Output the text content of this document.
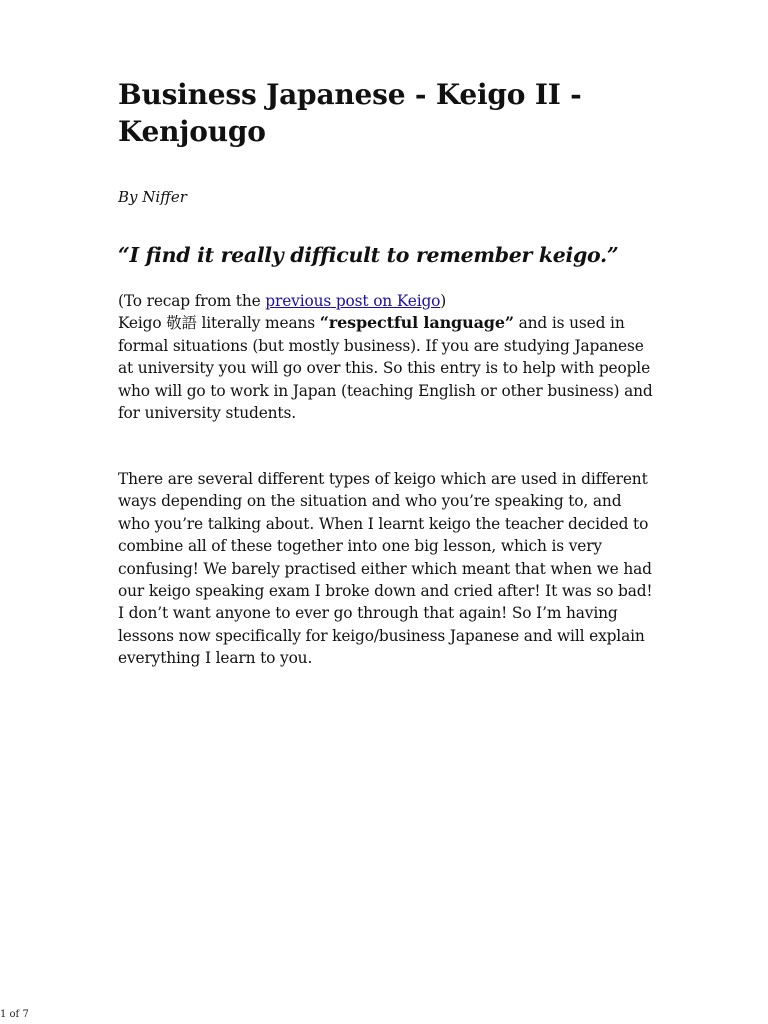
Business Japanese - Keigo II - Kenjougo

By Niffer

“I find it really difficult to remember keigo.”

(To recap from the previous post on Keigo)
Keigo 敬語 literally means “respectful language” and is used in formal situations (but mostly business). If you are studying Japanese at university you will go over this. So this entry is to help with people who will go to work in Japan (teaching English or other business) and for university students.

There are several different types of keigo which are used in different ways depending on the situation and who you’re speaking to, and who you’re talking about. When I learnt keigo the teacher decided to combine all of these together into one big lesson, which is very confusing! We barely practised either which meant that when we had our keigo speaking exam I broke down and cried after! It was so bad! I don’t want anyone to ever go through that again! So I’m having lessons now specifically for keigo/business Japanese and will explain everything I learn to you.

1 of 7
